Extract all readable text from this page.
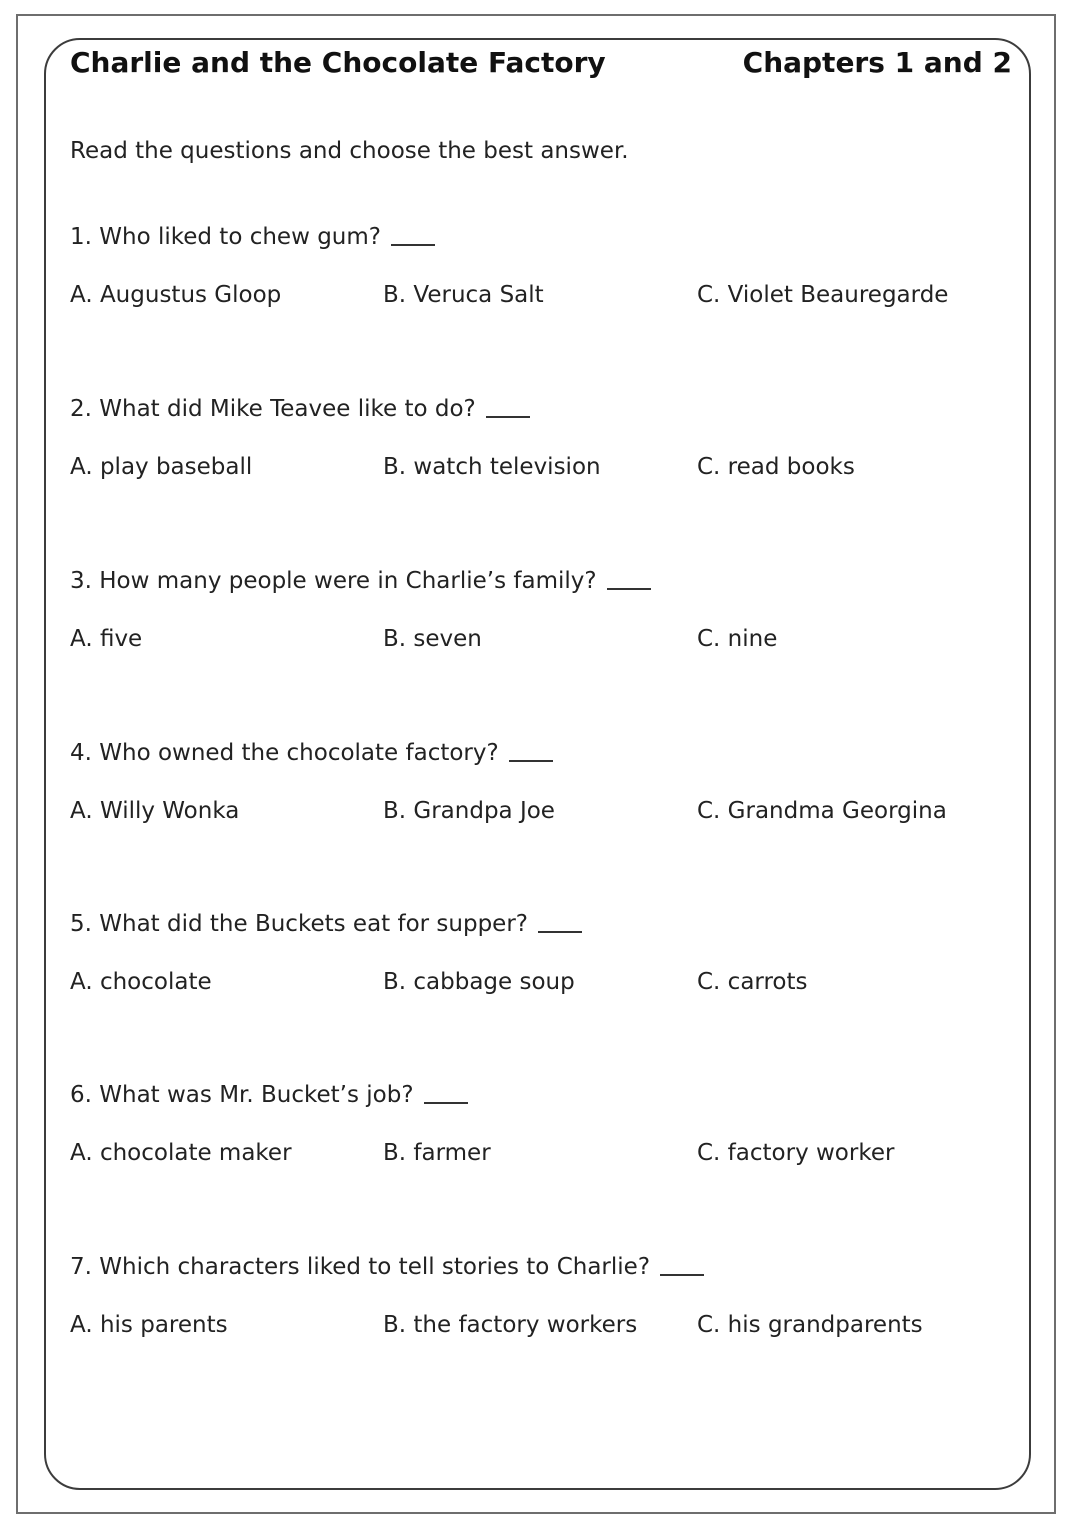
Charlie and the Chocolate Factory	Chapters 1 and 2
Read the questions and choose the best answer.
1. Who liked to chew gum?
A. Augustus Gloop	B. Veruca Salt	C. Violet Beauregarde
2. What did Mike Teavee like to do?
A. play baseball	B. watch television	C. read books
3. How many people were in Charlie’s family?
A. five	B. seven	C. nine
4. Who owned the chocolate factory?
A. Willy Wonka	B. Grandpa Joe	C. Grandma Georgina
5. What did the Buckets eat for supper?
A. chocolate	B. cabbage soup	C. carrots
6. What was Mr. Bucket’s job?
A. chocolate maker	B. farmer	C. factory worker
7. Which characters liked to tell stories to Charlie?
A. his parents	B. the factory workers	C. his grandparents
